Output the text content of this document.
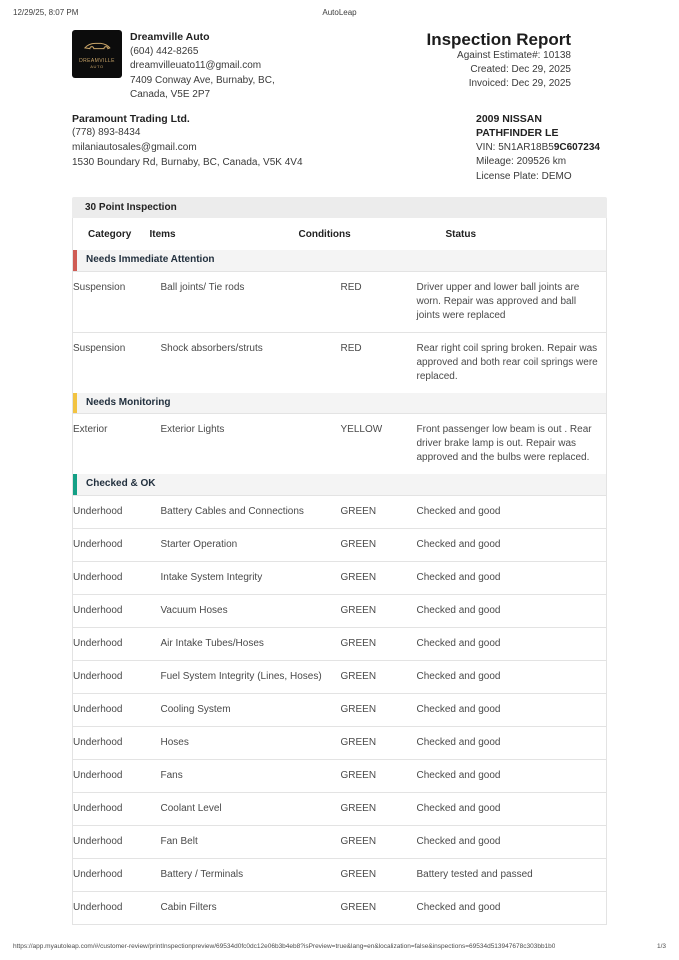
12/29/25, 8:07 PM	AutoLeap
DREAMVILLE
AUTO
Dreamville Auto
(604) 442-8265
dreamvilleuato11@gmail.com
7409 Conway Ave, Burnaby, BC,
Canada, V5E 2P7
Inspection Report
Against Estimate#: 10138
Created: Dec 29, 2025
Invoiced: Dec 29, 2025
Paramount Trading Ltd.
(778) 893-8434
milaniautosales@gmail.com
1530 Boundary Rd, Burnaby, BC, Canada, V5K 4V4
2009 NISSAN PATHFINDER LE
VIN: 5N1AR18B59C607234
Mileage: 209526 km
License Plate: DEMO
30 Point Inspection
Category	Items	Conditions	Status

Needs Immediate Attention			

Suspension	Ball joints/ Tie rods	RED	Driver upper and lower ball joints are worn. Repair was approved and ball joints were replaced
Suspension	Shock absorbers/struts	RED	Rear right coil spring broken. Repair was approved and both rear coil springs were replaced.

Needs Monitoring			

Exterior	Exterior Lights	YELLOW	Front passenger low beam is out . Rear driver brake lamp is out. Repair was approved and the bulbs were replaced.

Checked & OK			

Underhood	Battery Cables and Connections	GREEN	Checked and good
Underhood	Starter Operation	GREEN	Checked and good
Underhood	Intake System Integrity	GREEN	Checked and good
Underhood	Vacuum Hoses	GREEN	Checked and good
Underhood	Air Intake Tubes/Hoses	GREEN	Checked and good
Underhood	Fuel System Integrity (Lines, Hoses)	GREEN	Checked and good
Underhood	Cooling System	GREEN	Checked and good
Underhood	Hoses	GREEN	Checked and good
Underhood	Fans	GREEN	Checked and good
Underhood	Coolant Level	GREEN	Checked and good
Underhood	Fan Belt	GREEN	Checked and good
Underhood	Battery / Terminals	GREEN	Battery tested and passed
Underhood	Cabin Filters	GREEN	Checked and good
https://app.myautoleap.com/#/customer-review/printInspectionpreview/69534d0fc0dc12e06b3b4eb8?isPreview=true&lang=en&localization=false&inspections=69534d513947678c303bb1b0	1/3
